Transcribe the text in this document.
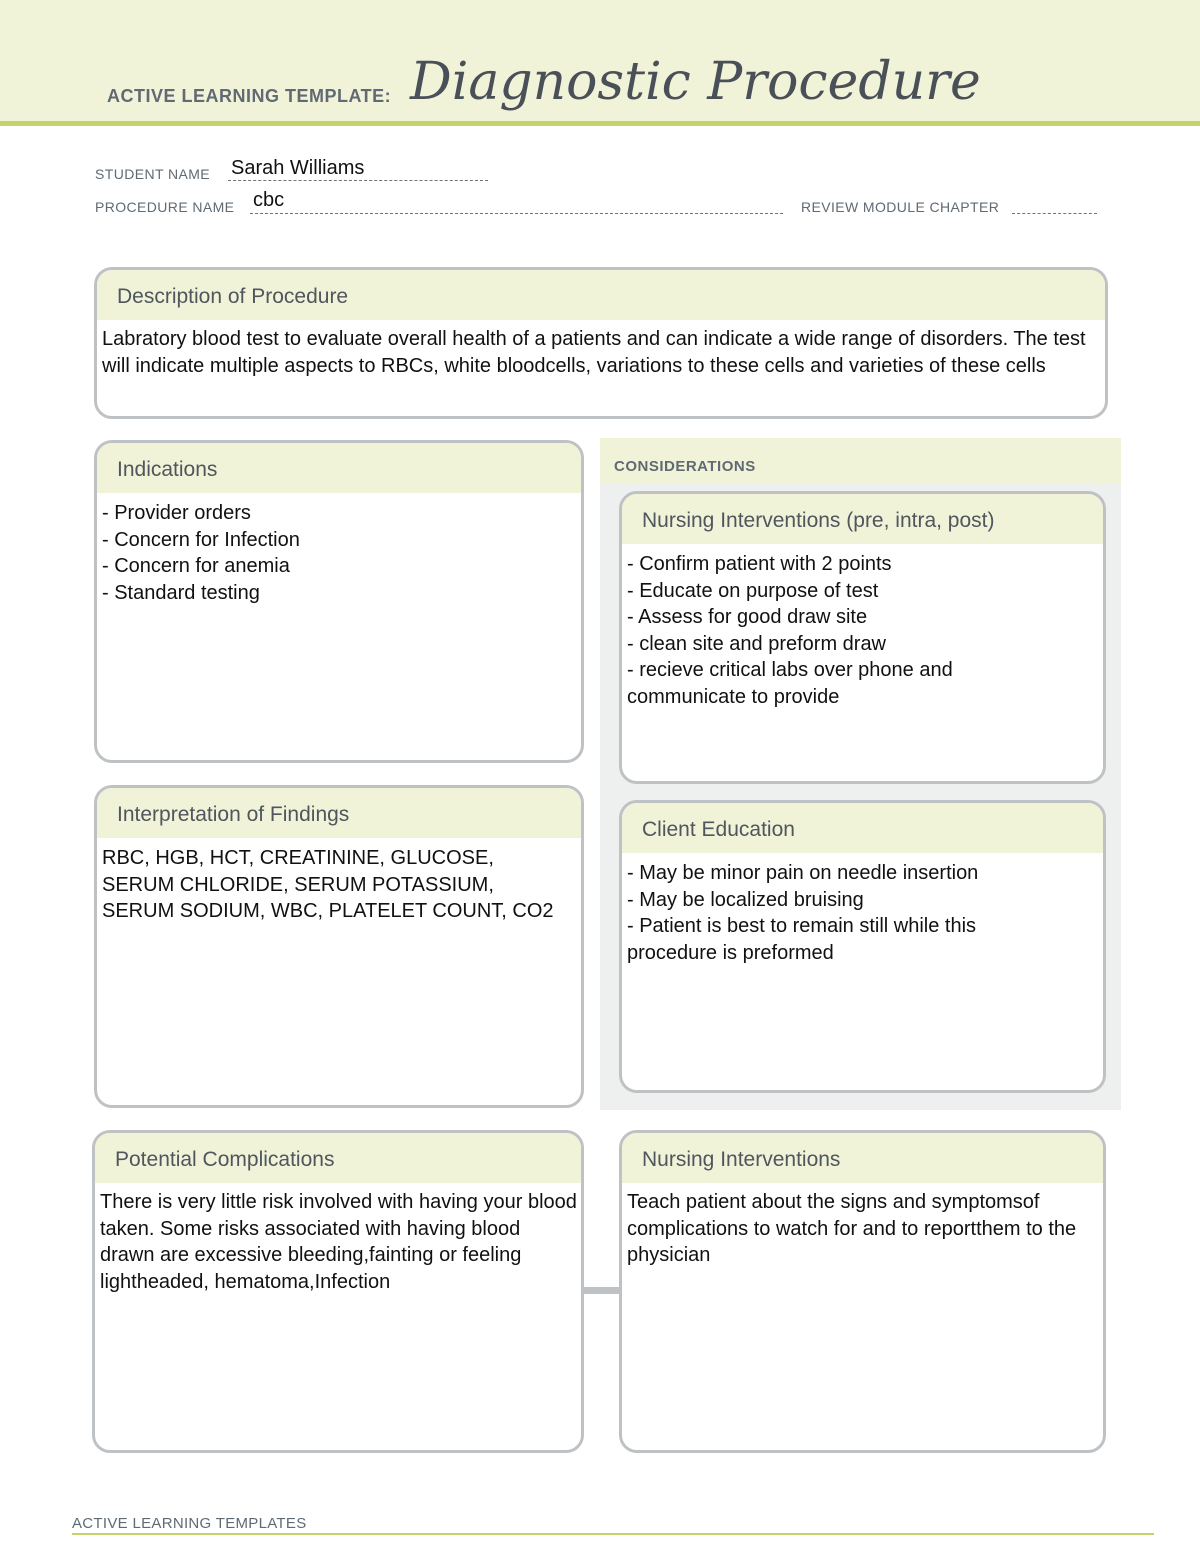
ACTIVE LEARNING TEMPLATE: Diagnostic Procedure
STUDENT NAME Sarah Williams
PROCEDURE NAME cbc	REVIEW MODULE CHAPTER
Description of Procedure
Labratory blood test to evaluate overall health of a patients and can indicate a wide range of disorders. The test will indicate multiple aspects to RBCs, white bloodcells, variations to these cells and varieties of these cells
Indications
- Provider orders
- Concern for Infection
- Concern for anemia
- Standard testing
CONSIDERATIONS
Nursing Interventions (pre, intra, post)
- Confirm patient with 2 points
- Educate on purpose of test
- Assess for good draw site
- clean site and preform draw
- recieve critical labs over phone and communicate to provide
Interpretation of Findings
RBC, HGB, HCT, CREATININE, GLUCOSE, SERUM CHLORIDE, SERUM POTASSIUM, SERUM SODIUM, WBC, PLATELET COUNT, CO2
Client Education
- May be minor pain on needle insertion
- May be localized bruising
- Patient is best to remain still while this procedure is preformed
Potential Complications
There is very little risk involved with having your blood taken. Some risks associated with having blood drawn are excessive bleeding,fainting or feeling lightheaded, hematoma,Infection
Nursing Interventions
Teach patient about the signs and symptomsof complications to watch for and to reportthem to the physician
ACTIVE LEARNING TEMPLATES
